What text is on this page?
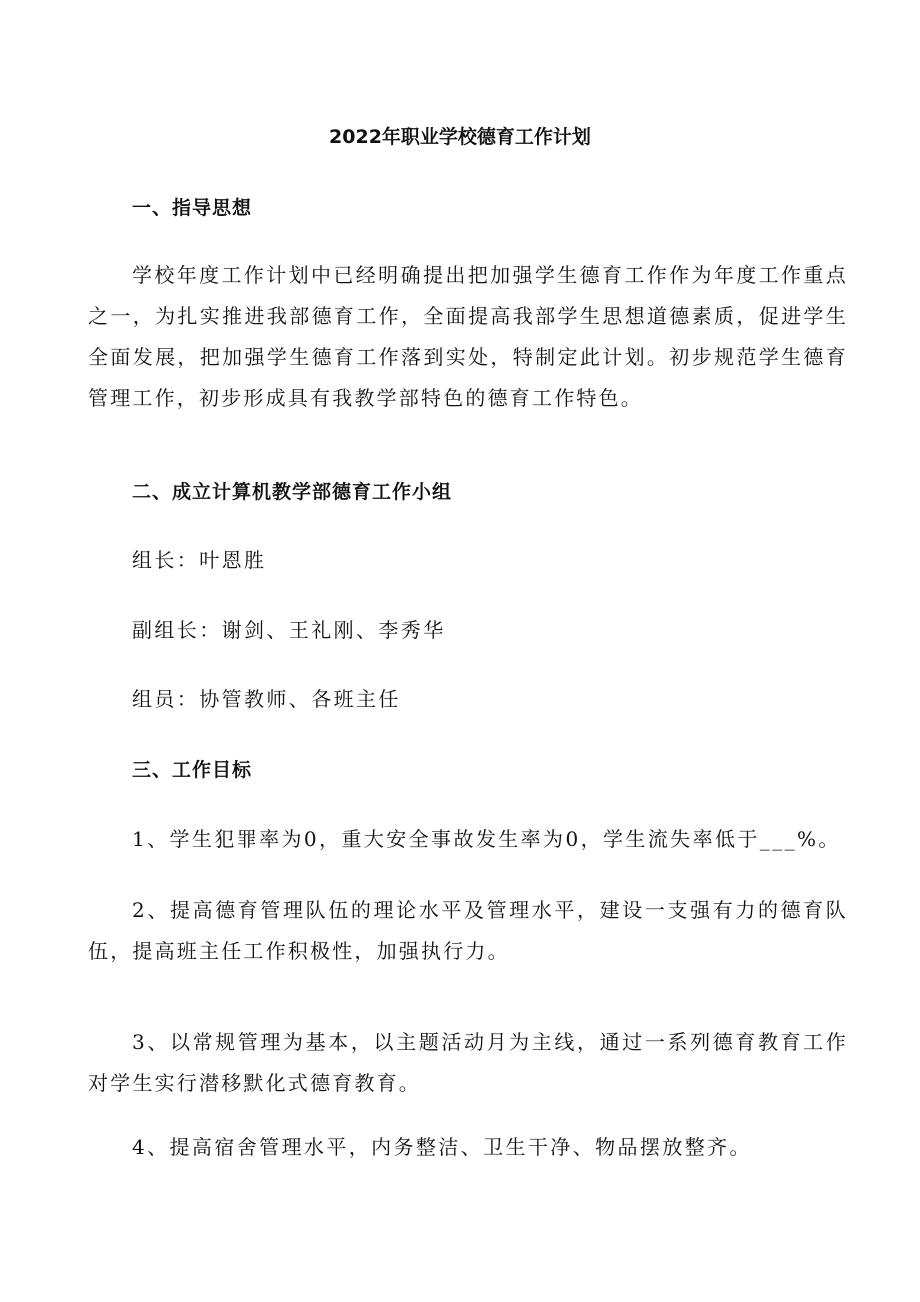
2022年职业学校德育工作计划
一、指导思想
学校年度工作计划中已经明确提出把加强学生德育工作作为年度工作重点之一，为扎实推进我部德育工作，全面提高我部学生思想道德素质，促进学生全面发展，把加强学生德育工作落到实处，特制定此计划。初步规范学生德育管理工作，初步形成具有我教学部特色的德育工作特色。
二、成立计算机教学部德育工作小组
组长：叶恩胜
副组长：谢剑、王礼刚、李秀华
组员：协管教师、各班主任
三、工作目标
1、学生犯罪率为0，重大安全事故发生率为0，学生流失率低于___%。
2、提高德育管理队伍的理论水平及管理水平，建设一支强有力的德育队伍，提高班主任工作积极性，加强执行力。
3、以常规管理为基本，以主题活动月为主线，通过一系列德育教育工作对学生实行潜移默化式德育教育。
4、提高宿舍管理水平，内务整洁、卫生干净、物品摆放整齐。
